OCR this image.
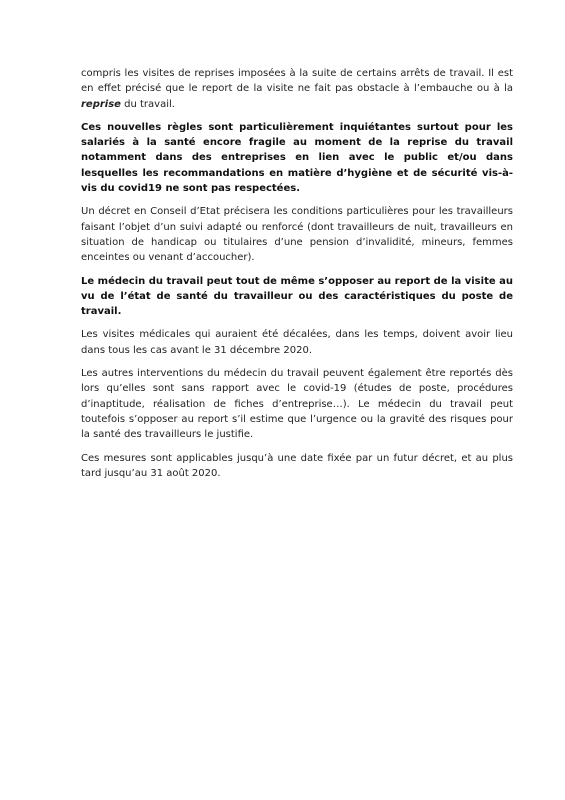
compris les visites de reprises imposées à la suite de certains arrêts de travail. Il est en effet précisé que le report de la visite ne fait pas obstacle à l’embauche ou à la reprise du travail.

Ces nouvelles règles sont particulièrement inquiétantes surtout pour les salariés à la santé encore fragile au moment de la reprise du travail notamment dans des entreprises en lien avec le public et/ou dans lesquelles les recommandations en matière d’hygiène et de sécurité vis-à-vis du covid19 ne sont pas respectées.

Un décret en Conseil d’Etat précisera les conditions particulières pour les travailleurs faisant l’objet d’un suivi adapté ou renforcé (dont travailleurs de nuit, travailleurs en situation de handicap ou titulaires d’une pension d’invalidité, mineurs, femmes enceintes ou venant d’accoucher).

Le médecin du travail peut tout de même s’opposer au report de la visite au vu de l’état de santé du travailleur ou des caractéristiques du poste de travail.

Les visites médicales qui auraient été décalées, dans les temps, doivent avoir lieu dans tous les cas avant le 31 décembre 2020.

Les autres interventions du médecin du travail peuvent également être reportés dès lors qu’elles sont sans rapport avec le covid-19 (études de poste, procédures d’inaptitude, réalisation de fiches d’entreprise…). Le médecin du travail peut toutefois s’opposer au report s’il estime que l’urgence ou la gravité des risques pour la santé des travailleurs le justifie.

Ces mesures sont applicables jusqu’à une date fixée par un futur décret, et au plus tard jusqu’au 31 août 2020.
